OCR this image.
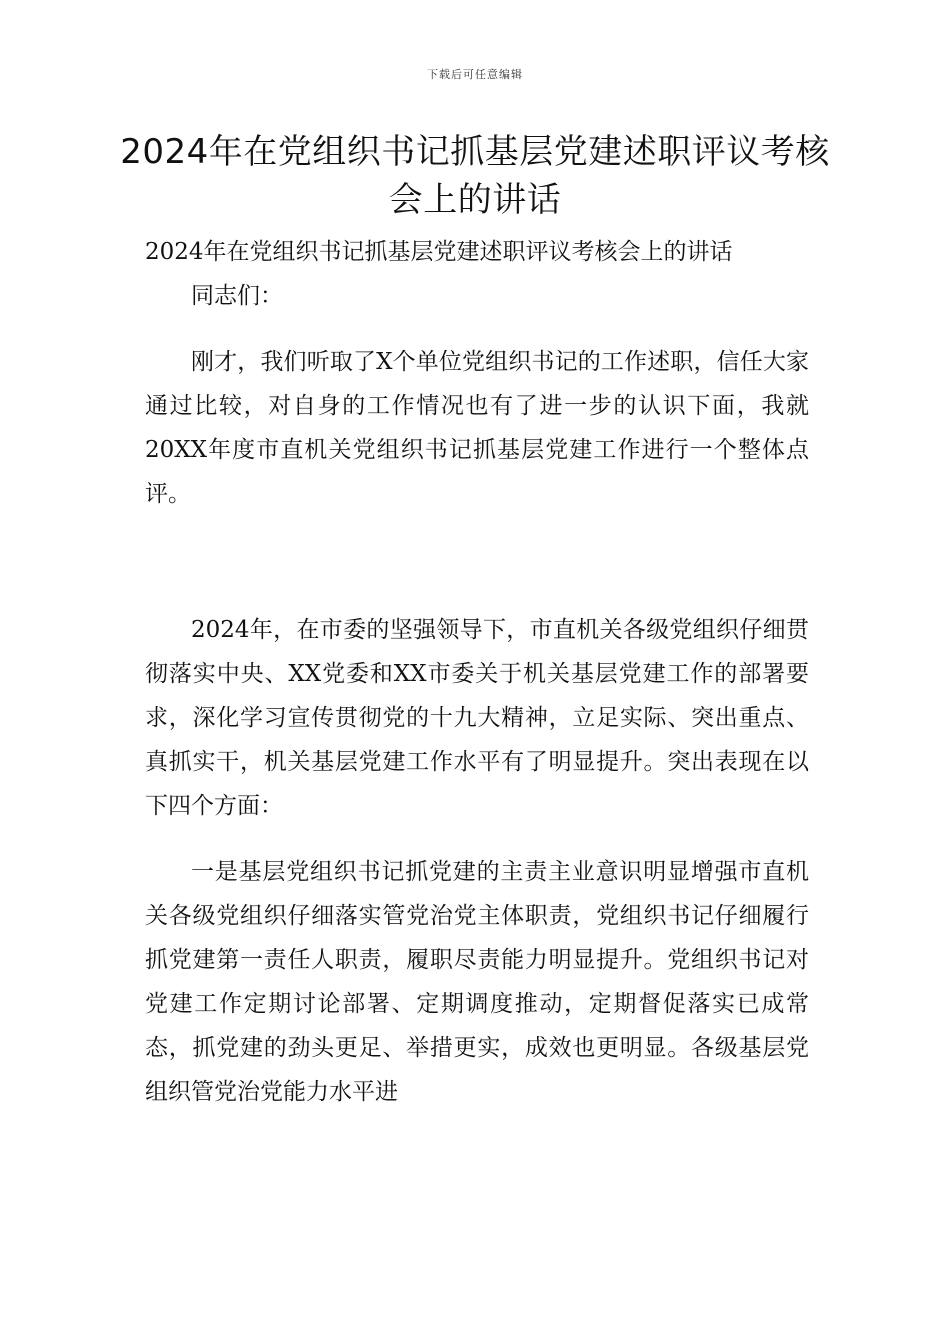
下载后可任意编辑
2024年在党组织书记抓基层党建述职评议考核会上的讲话

2024年在党组织书记抓基层党建述职评议考核会上的讲话

同志们：

刚才，我们听取了X个单位党组织书记的工作述职，信任大家通过比较，对自身的工作情况也有了进一步的认识下面，我就20XX年度市直机关党组织书记抓基层党建工作进行一个整体点评。

2024年，在市委的坚强领导下，市直机关各级党组织仔细贯彻落实中央、XX党委和XX市委关于机关基层党建工作的部署要求，深化学习宣传贯彻党的十九大精神，立足实际、突出重点、真抓实干，机关基层党建工作水平有了明显提升。突出表现在以下四个方面：

一是基层党组织书记抓党建的主责主业意识明显增强市直机关各级党组织仔细落实管党治党主体职责，党组织书记仔细履行抓党建第一责任人职责，履职尽责能力明显提升。党组织书记对党建工作定期讨论部署、定期调度推动，定期督促落实已成常态，抓党建的劲头更足、举措更实，成效也更明显。各级基层党组织管党治党能力水平进
